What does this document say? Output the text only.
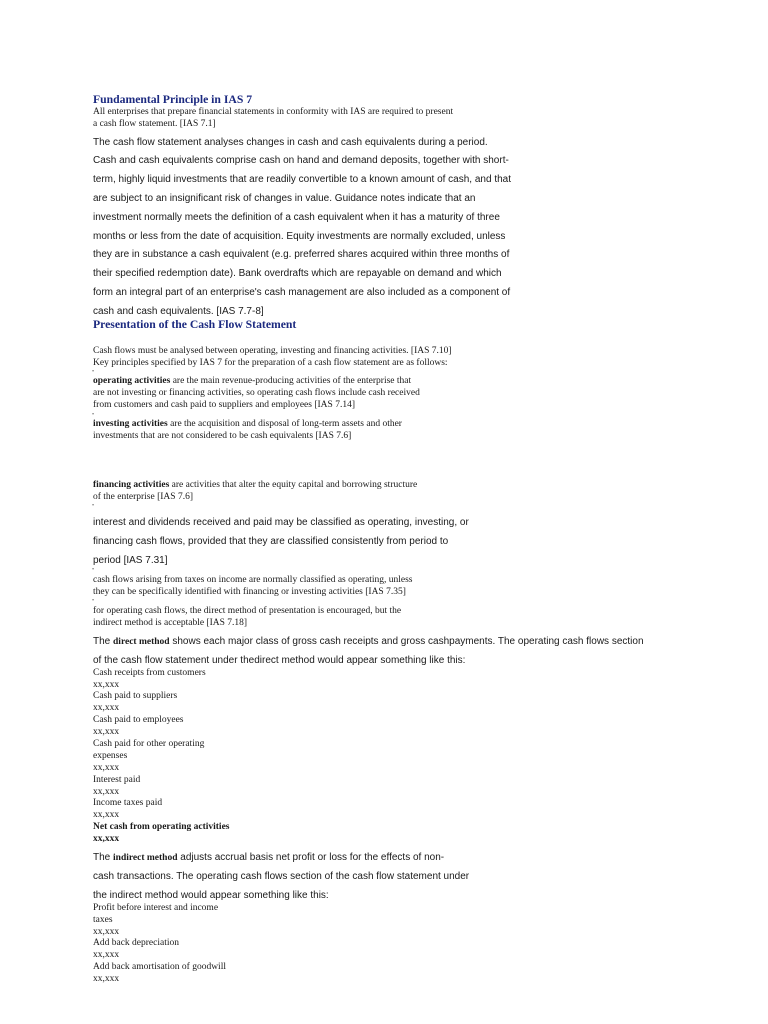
Fundamental Principle in IAS 7
All enterprises that prepare financial statements in conformity with IAS are required to present
a cash flow statement. [IAS 7.1]
The cash flow statement analyses changes in cash and cash equivalents during a period.
Cash and cash equivalents comprise cash on hand and demand deposits, together with short-
term, highly liquid investments that are readily convertible to a known amount of cash, and that
are subject to an insignificant risk of changes in value. Guidance notes indicate that an
investment normally meets the definition of a cash equivalent when it has a maturity of three
months or less from the date of acquisition. Equity investments are normally excluded, unless
they are in substance a cash equivalent (e.g. preferred shares acquired within three months of
their specified redemption date). Bank overdrafts which are repayable on demand and which
form an integral part of an enterprise's cash management are also included as a component of
cash and cash equivalents. [IAS 7.7-8]
Presentation of the Cash Flow Statement
Cash flows must be analysed between operating, investing and financing activities. [IAS 7.10]
Key principles specified by IAS 7 for the preparation of a cash flow statement are as follows:
•
operating activities are the main revenue-producing activities of the enterprise that
are not investing or financing activities, so operating cash flows include cash received
from customers and cash paid to suppliers and employees [IAS 7.14]
•
investing activities are the acquisition and disposal of long-term assets and other
investments that are not considered to be cash equivalents [IAS 7.6]
financing activities are activities that alter the equity capital and borrowing structure
of the enterprise [IAS 7.6]
•
interest and dividends received and paid may be classified as operating, investing, or
financing cash flows, provided that they are classified consistently from period to
period [IAS 7.31]
•
cash flows arising from taxes on income are normally classified as operating, unless
they can be specifically identified with financing or investing activities [IAS 7.35]
•
for operating cash flows, the direct method of presentation is encouraged, but the
indirect method is acceptable [IAS 7.18]
The direct method shows each major class of gross cash receipts and gross cashpayments. The operating cash flows section
of the cash flow statement under thedirect method would appear something like this:
Cash receipts from customers
xx,xxx
Cash paid to suppliers
xx,xxx
Cash paid to employees
xx,xxx
Cash paid for other operating
expenses
xx,xxx
Interest paid
xx,xxx
Income taxes paid
xx,xxx
Net cash from operating activities
xx,xxx
The indirect method adjusts accrual basis net profit or loss for the effects of non-
cash transactions. The operating cash flows section of the cash flow statement under
the indirect method would appear something like this:
Profit before interest and income
taxes
xx,xxx
Add back depreciation
xx,xxx
Add back amortisation of goodwill
xx,xxx
